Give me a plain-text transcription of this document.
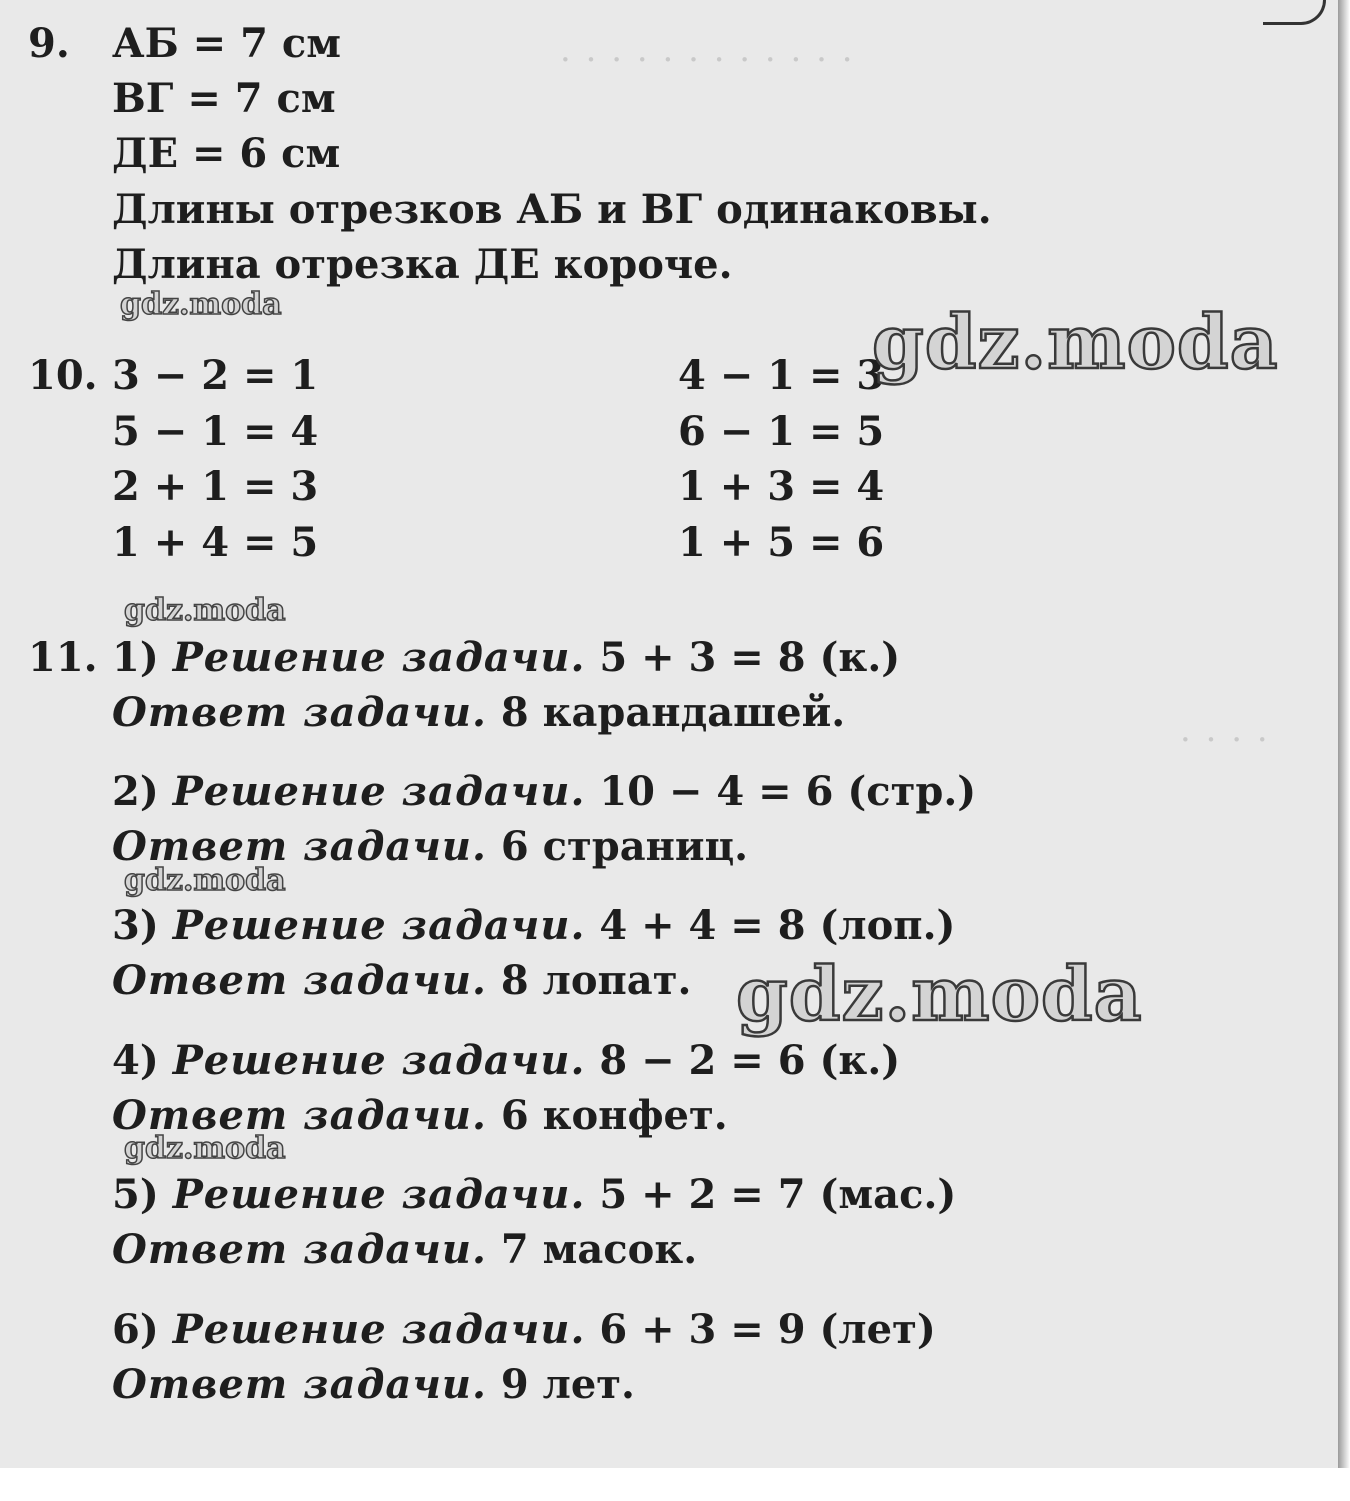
· · · · · · · · · · · ·
· · · ·
9. АБ = 7 см
ВГ = 7 см
ДЕ = 6 см
Длины отрезков АБ и ВГ одинаковы.
Длина отрезка ДЕ короче.
10. 3 − 2 = 1
5 − 1 = 4
2 + 1 = 3
1 + 4 = 5
4 − 1 = 3
6 − 1 = 5
1 + 3 = 4
1 + 5 = 6
11. 1) Решение задачи. 5 + 3 = 8 (к.)
Ответ задачи. 8 карандашей.
2) Решение задачи. 10 − 4 = 6 (стр.)
Ответ задачи. 6 страниц.
3) Решение задачи. 4 + 4 = 8 (лоп.)
Ответ задачи. 8 лопат.
4) Решение задачи. 8 − 2 = 6 (к.)
Ответ задачи. 6 конфет.
5) Решение задачи. 5 + 2 = 7 (мас.)
Ответ задачи. 7 масок.
6) Решение задачи. 6 + 3 = 9 (лет)
Ответ задачи. 9 лет.
gdz.moda	gdz.moda
gdz.moda
gdz.moda
gdz.moda
gdz.moda
